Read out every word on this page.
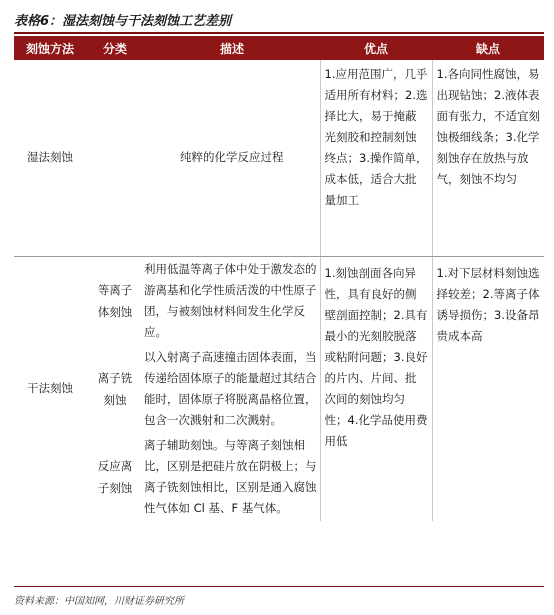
表格6：湿法刻蚀与干法刻蚀工艺差别
刻蚀方法	分类	描述	优点	缺点
湿法刻蚀		纯粹的化学反应过程	1.应用范围广，几乎适用所有材料；2.选择比大，易于掩蔽光刻胶和控制刻蚀终点；3.操作简单，成本低，适合大批量加工	1.各向同性腐蚀，易出现钻蚀；2.液体表面有张力，不适宜刻蚀极细线条；3.化学刻蚀存在放热与放气，刻蚀不均匀
干法刻蚀	等离子体刻蚀	利用低温等离子体中处于激发态的游离基和化学性质活泼的中性原子团，与被刻蚀材料间发生化学反应。	1.刻蚀剖面各向异性，具有良好的侧壁剖面控制；2.具有最小的光刻胶脱落或粘附问题；3.良好的片内、片间、批次间的刻蚀均匀性；4.化学品使用费用低	1.对下层材料刻蚀选择较差；2.等离子体诱导损伤；3.设备昂贵成本高
	离子铣刻蚀	以入射离子高速撞击固体表面，当传递给固体原子的能量超过其结合能时，固体原子将脱离晶格位置，包含一次溅射和二次溅射。		
	反应离子刻蚀	离子辅助刻蚀。与等离子刻蚀相比，区别是把硅片放在阴极上；与离子铣刻蚀相比，区别是通入腐蚀性气体如 Cl 基、F 基气体。		
资料来源：中国知网，川财证券研究所
